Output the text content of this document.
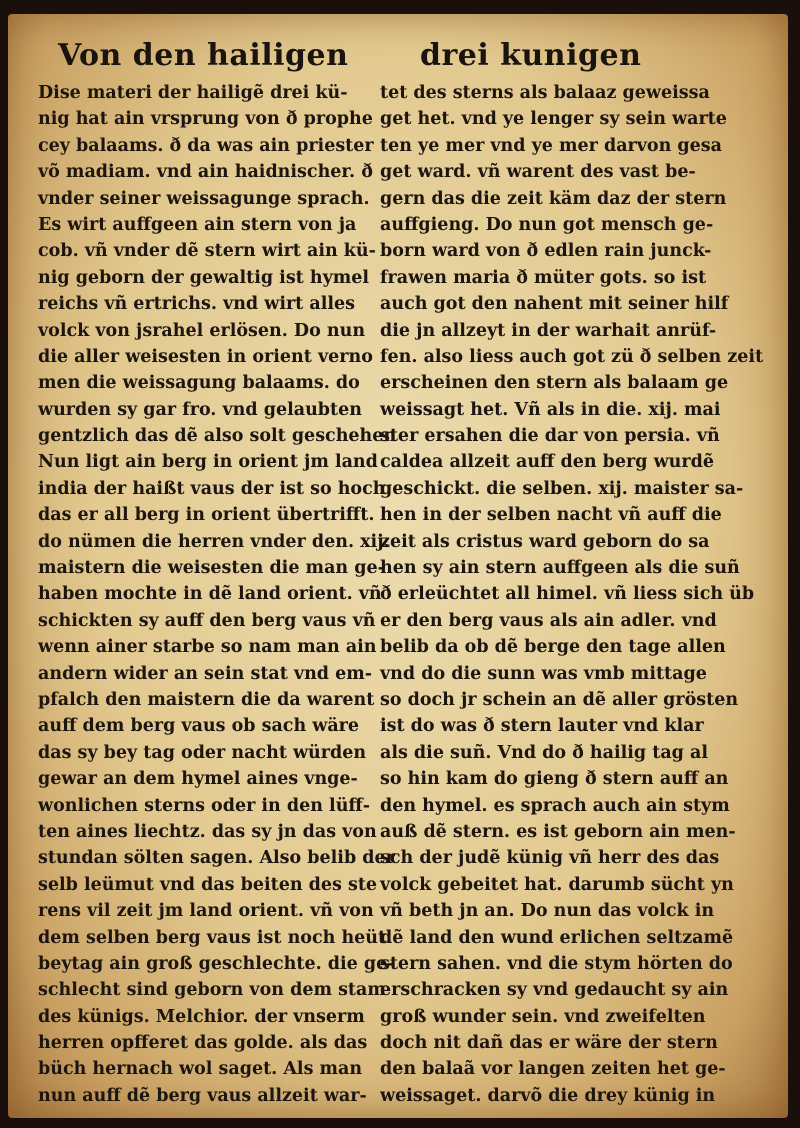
Von den hailigen drei kunigen
Dise materi der hailigẽ drei kü-
nig hat ain vrsprung von ð prophe
cey balaams. ð da was ain priester
võ madiam. vnd ain haidnischer. ð
vnder seiner weissagunge sprach.
Es wirt auffgeen ain stern von ja
cob. vñ vnder dẽ stern wirt ain kü-
nig geborn der gewaltig ist hymel
reichs vñ ertrichs. vnd wirt alles
volck von jsrahel erlösen. Do nun
die aller weisesten in orient verno
men die weissagung balaams. do
wurden sy gar fro. vnd gelaubten
gentzlich das dẽ also solt geschehen
Nun ligt ain berg in orient jm land
india der haißt vaus der ist so hoch
das er all berg in orient übertrifft.
do nümen die herren vnder den. xij.
maistern die weisesten die man ge-
haben mochte in dẽ land orient. vñ
schickten sy auff den berg vaus vñ
wenn ainer starbe so nam man ain
andern wider an sein stat vnd em-
pfalch den maistern die da warent
auff dem berg vaus ob sach wäre
das sy bey tag oder nacht würden
gewar an dem hymel aines vnge-
wonlichen sterns oder in den lüff-
ten aines liechtz. das sy jn das von
stundan sölten sagen. Also belib der
selb leümut vnd das beiten des ste
rens vil zeit jm land orient. vñ von
dem selben berg vaus ist noch heüt
beytag ain groß geschlechte. die ge-
schlecht sind geborn von dem stam
des künigs. Melchior. der vnserm
herren opfferet das golde. als das
büch hernach wol saget. Als man
nun auff dẽ berg vaus allzeit war-
tet des sterns als balaaz geweissa
get het. vnd ye lenger sy sein warte
ten ye mer vnd ye mer darvon gesa
get ward. vñ warent des vast be-
gern das die zeit käm daz der stern
auffgieng. Do nun got mensch ge-
born ward von ð edlen rain junck-
frawen maria ð müter gots. so ist
auch got den nahent mit seiner hilf
die jn allzeyt in der warhait anrüf-
fen. also liess auch got zü ð selben zeit
erscheinen den stern als balaam ge
weissagt het. Vñ als in die. xij. mai
ster ersahen die dar von persia. vñ
caldea allzeit auff den berg wurdẽ
geschickt. die selben. xij. maister sa-
hen in der selben nacht vñ auff die
zeit als cristus ward geborn do sa
hen sy ain stern auffgeen als die suñ
ð erleüchtet all himel. vñ liess sich üb
er den berg vaus als ain adler. vnd
belib da ob dẽ berge den tage allen
vnd do die sunn was vmb mittage
so doch jr schein an dẽ aller grösten
ist do was ð stern lauter vnd klar
als die suñ. Vnd do ð hailig tag al
so hin kam do gieng ð stern auff an
den hymel. es sprach auch ain stym
auß dẽ stern. es ist geborn ain men-
sch der judẽ künig vñ herr des das
volck gebeitet hat. darumb sücht yn
vñ beth jn an. Do nun das volck in
dẽ land den wund erlichen seltzamẽ
stern sahen. vnd die stym hörten do
erschracken sy vnd gedaucht sy ain
groß wunder sein. vnd zweifelten
doch nit dañ das er wäre der stern
den balaã vor langen zeiten het ge-
weissaget. darvõ die drey künig in
